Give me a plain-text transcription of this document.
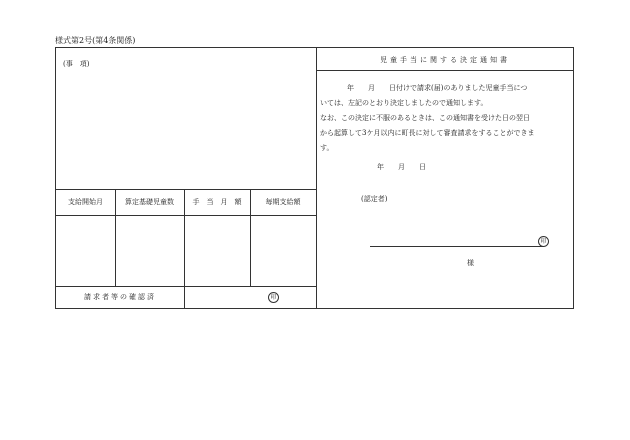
様式第2号(第4条関係)
(事　項)
支給開始月	算定基礎児童数	手　当　月　額	毎期支給額
請求者等の確認済	印
児童手当に関する決定通知書
年　　月　　日付けで請求(届)のありました児童手当につ
いては、左記のとおり決定しましたので通知します。
なお、この決定に不服のあるときは、この通知書を受けた日の翌日
から起算して3ケ月以内に町長に対して審査請求をすることができま
す。
年　　月　　日
(認定者)
印
様
